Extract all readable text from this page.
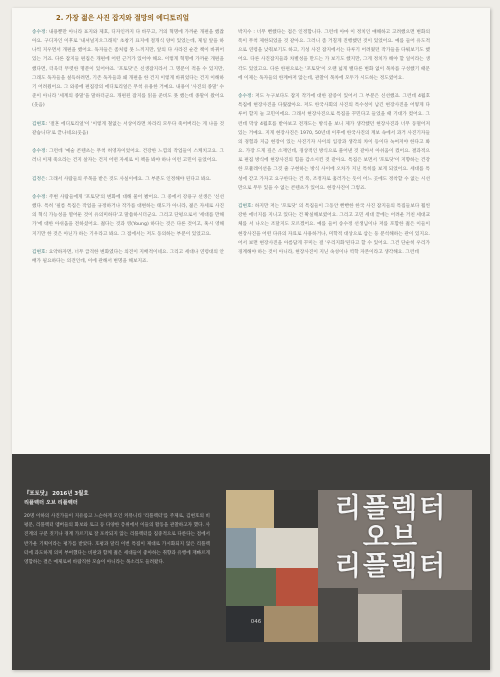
2. 가장 젊은 사진 잡지와 절망의 에디토리얼

송수정: 내용뿐만 아니라 표지와 제호, 디자인까지 다 바꾸고, 거의 혁명에 가까운 개편을 했잖아요. 구디자인 이후로 '내셔널지오그래픽' 초창기 표지에 절개식 양이 있었는데, 제일 앞을 하나씩 지우면서 개편을 했어요. 독자들은 좀처럼 못 느끼지만, 앞의 다 사라진 순간 책이 바뀌어 있는 거죠. 다른 잡지들 편집은 개편에 어떤 근거가 있어야 해요. 이렇게 혁명에 가까운 개편을 했다면, 더욱더 뚜렷한 명분이 있어야죠. '포토닷'은 신생잡지라서 그 명분이 적을 수 있지만, 그래도 독자들을 설득하려면, 기존 독자들과 왜 개편을 한 건지 이렇게 바뀌었다는 건지 이해하기 어려웠어요. 그 와중에 편집장의 에디토리얼은 무척 유용한 거예요. 내용이 '사진의 종말' 수준이 아니라 '세계의 종말'을 말하더군요. 개편된 잡지를 읽을 준비도 못 했는데 종말이 왔어요(웃음)

김현호: '절혼 에디토리얼'이 '이렇게 철없는 서상이라면 차라리 모두다 죽어버리는 게 나을 것 같습니다'로 끝나네요(웃음)

송수정: 그런데 '예술 콘텐츠는 무척 허영자이었어요. 건강한 느낌의 작업들이 스케치고요. 그러니 이제 죽으라는 건지 살자는 건지 어떤 자세로 이 책을 봐야 하나 이런 고민이 들었어요.

김정은: 그래서 사람들의 주목을 받은 것도 사실이에요. 그 부분도 인정해야 된다고 봐요.

송수정: 주변 사람들에게 '포토닷'의 변화에 대해 물어 봤어요. 그 중에서 강용구 선생은 '신선했다. 특히 '필름 특집은 작업을 규정하거나 작가를 대변하는 태도가 아니라, 젊은 자세로 사진의 혁식 가능성을 열어둔 것이 유의미하다'고 말씀하시더군요. 그리고 단평으로서 '세대를 만해가'에 대한 아쉬움을 전하셨어요. 젊다는 것과 영(Young) 하다는 것은 다른 것이고, 혹시 영해지기만 한 것은 아닌가 하는 기우라고 봐요. 그 점에서는 저도 동의하는 부분이 있었고요.

김현호: 요약하자면, 너무 급격한 변화였다는 의견이 지배적이네요. 그리고 세대나 연령대의 안배가 필요하다는 의견인데, 이에 관해서 변명을 해보지죠.

박지수 : 너무 뻔했다는 점은 인정합니다. 그런데 아마 이 정치인 얘해하고 고려했으면 변화의 폭이 무척 제한되었을 것 같아요. 그러니 좀 거칠게 진행했던 것이 있었어요. 예를 들어 유도적으로 연령을 낮춰보기도 하고, 기성 사진 잡지에서는 다루기 어려웠던 작가들을 다뤄보기도 했어요. 다른 사진잡지들과 차별성을 만드는 가 보기도 했지만, 그게 정치가 해야 할 일이라는 생각도 있었고요. 다른 한편으로는 '포토닷'이 오랜 넓게 밸다른 변화 없이 목차를 구성했기 때문에 이제는 독자들의 한계마저 않는데, 관찰이 목차에 모두가 시도하는 정도였어요.

송수정: 저도 누구보다도 잡지 작가에 대한 갈증이 있어서 그 부분은 신선했죠. 그런데 4월호 특집에 현장사진을 다뤘잖아요. 저도 한국사회의 사진의 특수성이 남긴 현장사진을 어떻게 다루어 할지 늘 고민이에요. 그래서 현장사진으로 특집을 꾸민다고 들었을 때 기대가 컸어요. 그런데 막상 4월호를 받아보고 전개도는 방식을 보니 제가 생각했던 현장사진과 너무 동떨어져 있는 거예요. 지게 현장사진은 1970, 50년대 이후에 한국사진의 계보 속에서 과거 사진기자들의 경험과 지금 현장이 있는 사진기자 사이의 입장과 생각의 차이 등이다 녹여져야 한다고 봐요. 가장 드게 깊은 소재인데, 경상적인 방식으로 풀어낸 것 같아서 아쉬움이 컸어요. 결과적으로 편집 방식에 현장사진의 힘을 감소시킨 것 같아요. 특집은 보면서 '포토닷'이 지향하는 건강한 포퓰레이션을 그것 줄 구현하는 방식 사이에 오차가 지닌 특히를 보게 되었어요. 세대를 특성에 갇고 가자고 요구한다는 건 폭, 조정자로 흘러가는 듯이 어느 곳에도 정착할 수 없는 시선만으로 무두 있을 수 없는 콘텐츠가 있어요. 현장사진이 그렇죠.

김현호: 하지만 저는 '포토닷' 의 특집들이 그동안 빤빤한 한국 사진 잡지들의 특집들보다 훨씬 강한 에너지를 지니고 있다는 건 확실해보였어요. 그리고 고민 세대 끝에는 어려운 거친 세대교체를 서 나오는 조달지도 모르겠어요. 예를 들어 송수정 선생님이나 저를 포함한 젊은 이들이 현장사진을 어떤 다큐의 자료로 사용하거나, 미학적 대상으로 삼는 둥 분석해하는 관이 있지요. 어서 보면 현장사진을 아름답게 꾸미는 걸 '우리지화'된다고 할 수 있어요. 그건 단순히 우리가 경계해야 하는 것이 아니라, 현장사진이 지닌 속성이나 역학 자본이라고 생각해요. 그런데

『포토닷』 2016년 3월호
리플렉터 오브 리플렉터
20명 이하의 사진가들이 지유롭고 느슨하게 모인 커뮤니티 '리플렉터'를 주제로, 김현호의 비평문, 리플렉터 멤버들의 화보와 토크 등 다양한 층위에서 이들의 활동을 관찰하고자 했다. 사진계의 구분 짓기나 경계 가르기로 잘 포착되지 않는 리플렉터를 집중적으로 다룬다는 점에서 반가운 기획이라는 평가를 받았다. 호평과 달리 이번 특집이 제대로 가시화되지 않은 리플렉터에 과도하게 의미 부여했다는 비판과 함께 젊은 세대들이 좋아하는 취향과 유행에 재빠르게 영합하는 결은 예제로써 바람직한 모습이 아니라는 목소리도 들려왔다.
리플렉터
오브
리플렉터
046
